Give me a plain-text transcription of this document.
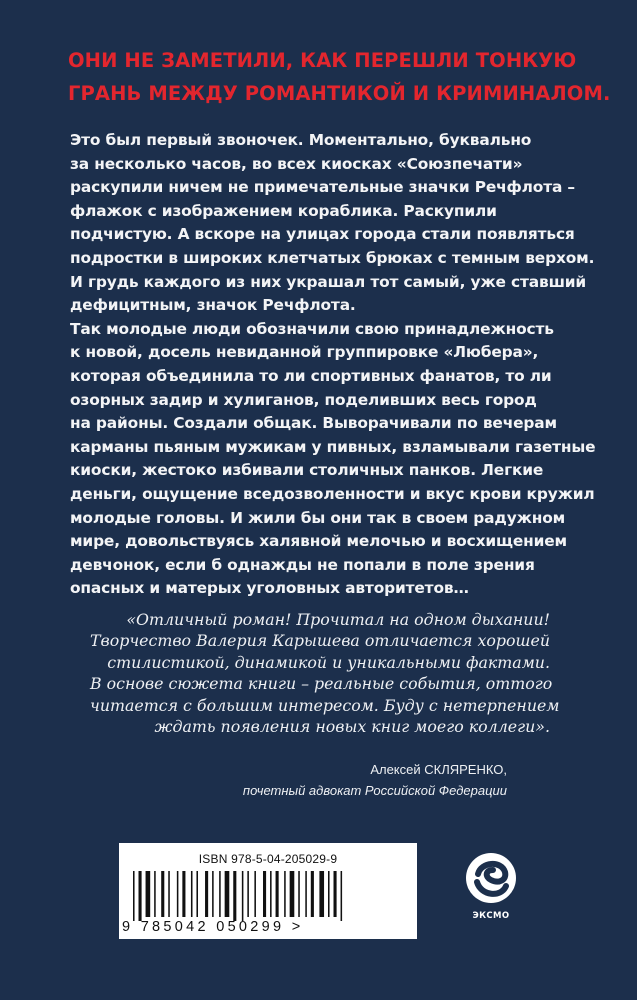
ОНИ НЕ ЗАМЕТИЛИ, КАК ПЕРЕШЛИ ТОНКУЮ
ГРАНЬ МЕЖДУ РОМАНТИКОЙ И КРИМИНАЛОМ.
Это был первый звоночек. Моментально, буквально
за несколько часов, во всех киосках «Союзпечати»
раскупили ничем не примечательные значки Речфлота –
флажок с изображением кораблика. Раскупили
подчистую. А вскоре на улицах города стали появляться
подростки в широких клетчатых брюках с темным верхом.
И грудь каждого из них украшал тот самый, уже ставший
дефицитным, значок Речфлота.
Так молодые люди обозначили свою принадлежность
к новой, досель невиданной группировке «Любера»,
которая объединила то ли спортивных фанатов, то ли
озорных задир и хулиганов, поделивших весь город
на районы. Создали общак. Выворачивали по вечерам
карманы пьяным мужикам у пивных, взламывали газетные
киоски, жестоко избивали столичных панков. Легкие
деньги, ощущение вседозволенности и вкус крови кружил
молодые головы. И жили бы они так в своем радужном
мире, довольствуясь халявной мелочью и восхищением
девчонок, если б однажды не попали в поле зрения
опасных и матерых уголовных авторитетов…
«Отличный роман! Прочитал на одном дыхании!
Творчество Валерия Карышева отличается хорошей
стилистикой, динамикой и уникальными фактами.
В основе сюжета книги – реальные события, оттого
читается с большим интересом. Буду с нетерпением
ждать появления новых книг моего коллеги».
Алексей СКЛЯРЕНКО,
почетный адвокат Российской Федерации
ISBN 978-5-04-205029-9
9 785042 050299 >
ЭКСМО
